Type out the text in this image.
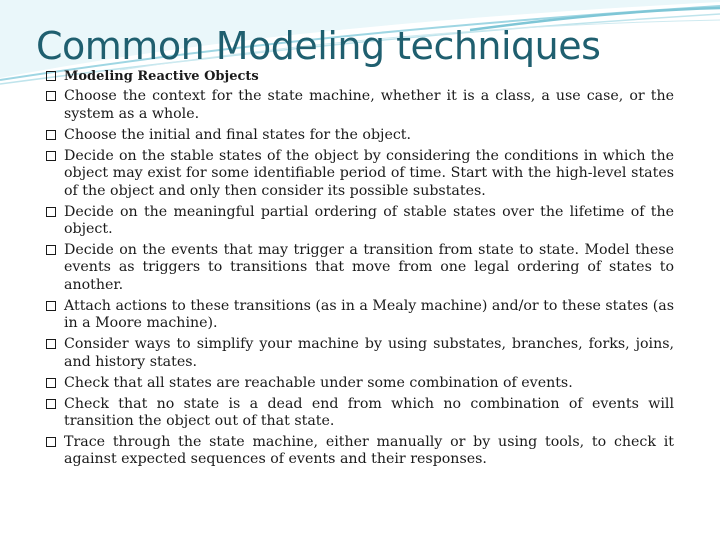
Common Modeling techniques
Modeling Reactive Objects
Choose the context for the state machine, whether it is a class, a use case, or the system as a whole.
Choose the initial and final states for the object.
Decide on the stable states of the object by considering the conditions in which the object may exist for some identifiable period of time. Start with the high-level states of the object and only then consider its possible substates.
Decide on the meaningful partial ordering of stable states over the lifetime of the object.
Decide on the events that may trigger a transition from state to state. Model these events as triggers to transitions that move from one legal ordering of states to another.
Attach actions to these transitions (as in a Mealy machine) and/or to these states (as in a Moore machine).
Consider ways to simplify your machine by using substates, branches, forks, joins, and history states.
Check that all states are reachable under some combination of events.
Check that no state is a dead end from which no combination of events will transition the object out of that state.
Trace through the state machine, either manually or by using tools, to check it against expected sequences of events and their responses.
